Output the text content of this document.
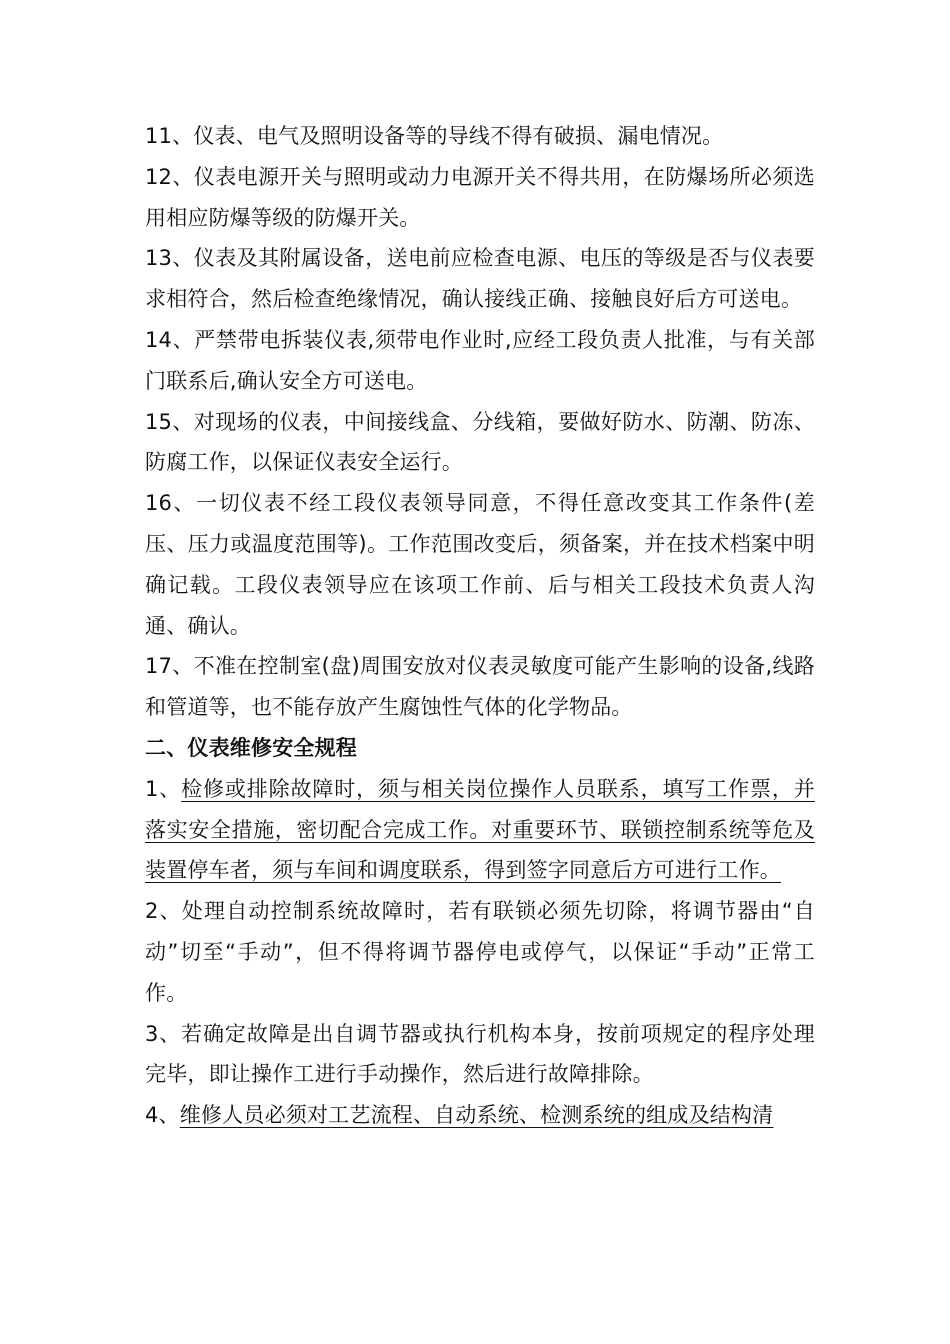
11、仪表、电气及照明设备等的导线不得有破损、漏电情况。

12、仪表电源开关与照明或动力电源开关不得共用，在防爆场所必须选用相应防爆等级的防爆开关。

13、仪表及其附属设备，送电前应检查电源、电压的等级是否与仪表要求相符合，然后检查绝缘情况，确认接线正确、接触良好后方可送电。

14、严禁带电拆装仪表,须带电作业时,应经工段负责人批准，与有关部门联系后,确认安全方可送电。

15、对现场的仪表，中间接线盒、分线箱，要做好防水、防潮、防冻、防腐工作，以保证仪表安全运行。

16、一切仪表不经工段仪表领导同意，不得任意改变其工作条件(差压、压力或温度范围等)。工作范围改变后，须备案，并在技术档案中明确记载。工段仪表领导应在该项工作前、后与相关工段技术负责人沟通、确认。

17、不准在控制室(盘)周围安放对仪表灵敏度可能产生影响的设备,线路和管道等，也不能存放产生腐蚀性气体的化学物品。

二、仪表维修安全规程

1、检修或排除故障时，须与相关岗位操作人员联系，填写工作票，并落实安全措施，密切配合完成工作。对重要环节、联锁控制系统等危及装置停车者，须与车间和调度联系，得到签字同意后方可进行工作。

2、处理自动控制系统故障时，若有联锁必须先切除，将调节器由“自动”切至“手动”，但不得将调节器停电或停气，以保证“手动”正常工作。

3、若确定故障是出自调节器或执行机构本身，按前项规定的程序处理完毕，即让操作工进行手动操作，然后进行故障排除。

4、维修人员必须对工艺流程、自动系统、检测系统的组成及结构清
